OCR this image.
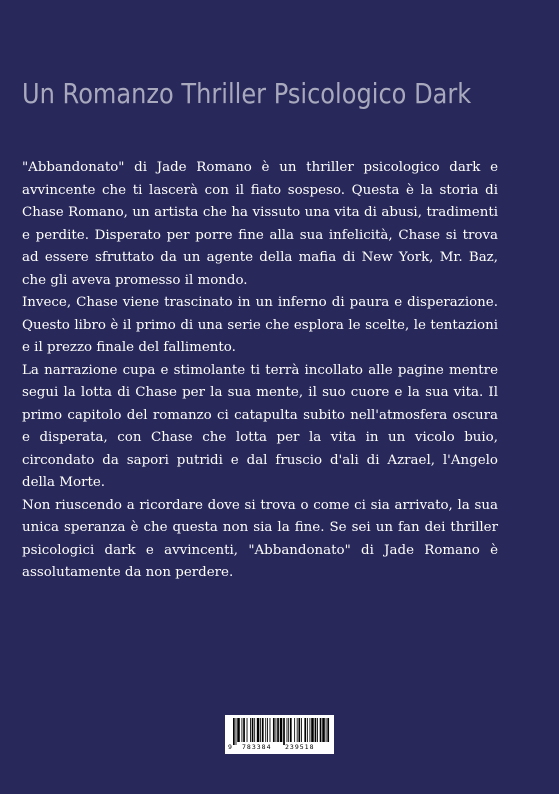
Un Romanzo Thriller Psicologico Dark

"Abbandonato" di Jade Romano è un thriller psicologico dark e avvincente che ti lascerà con il fiato sospeso. Questa è la storia di Chase Romano, un artista che ha vissuto una vita di abusi, tradimenti e perdite. Disperato per porre fine alla sua infelicità, Chase si trova ad essere sfruttato da un agente della mafia di New York, Mr. Baz, che gli aveva promesso il mondo.

Invece, Chase viene trascinato in un inferno di paura e disperazione. Questo libro è il primo di una serie che esplora le scelte, le tentazioni e il prezzo finale del fallimento.

La narrazione cupa e stimolante ti terrà incollato alle pagine mentre segui la lotta di Chase per la sua mente, il suo cuore e la sua vita. Il primo capitolo del romanzo ci catapulta subito nell'atmosfera oscura e disperata, con Chase che lotta per la vita in un vicolo buio, circondato da sapori putridi e dal fruscio d'ali di Azrael, l'Angelo della Morte.

Non riuscendo a ricordare dove si trova o come ci sia arrivato, la sua unica speranza è che questa non sia la fine. Se sei un fan dei thriller psicologici dark e avvincenti, "Abbandonato" di Jade Romano è assolutamente da non perdere.

9 783384 239518
